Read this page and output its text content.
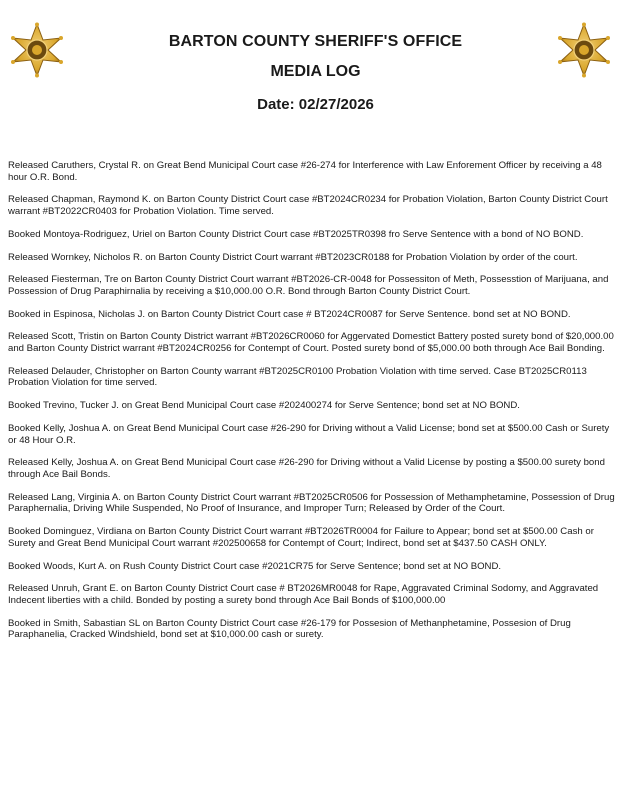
BARTON COUNTY SHERIFF'S OFFICE
MEDIA LOG
Date: 02/27/2026

Released Caruthers, Crystal R. on Great Bend Municipal Court case #26-274 for Interference with Law Enforement Officer by receiving a 48 hour O.R. Bond.

Released Chapman, Raymond K. on Barton County District Court case #BT2024CR0234 for Probation Violation, Barton County District Court warrant #BT2022CR0403 for Probation Violation. Time served.

Booked Montoya-Rodriguez, Uriel on Barton County District Court case #BT2025TR0398 fro Serve Sentence with a bond of NO BOND.

Released Wornkey, Nicholos R. on Barton County District Court warrant #BT2023CR0188 for Probation Violation by order of the court.

Released Fiesterman, Tre on Barton County District Court warrant #BT2026-CR-0048 for Possessiton of Meth, Possesstion of Marijuana, and Possession of Drug Paraphirnalia by receiving a $10,000.00 O.R. Bond through Barton County District Court.

Booked in Espinosa, Nicholas J. on Barton County District Court case # BT2024CR0087 for Serve Sentence. bond set at NO BOND.

Released Scott, Tristin on Barton County District warrant #BT2026CR0060 for Aggervated Domestict Battery posted surety bond of $20,000.00 and Barton County District warrant #BT2024CR0256 for Contempt of Court. Posted surety bond of $5,000.00 both through Ace Bail Bonding.

Released Delauder, Christopher on Barton County warrant #BT2025CR0100 Probation Violation with time served. Case BT2025CR0113 Probation Violation for time served.

Booked Trevino, Tucker J. on Great Bend Municipal Court case #202400274 for Serve Sentence; bond set at NO BOND.

Booked Kelly, Joshua A. on Great Bend Municipal Court case #26-290 for Driving without a Valid License; bond set at $500.00 Cash or Surety or 48 Hour O.R.

Released Kelly, Joshua A. on Great Bend Municipal Court case #26-290 for Driving without a Valid License by posting a $500.00 surety bond through Ace Bail Bonds.

Released Lang, Virginia A. on Barton County District Court warrant #BT2025CR0506 for Possession of Methamphetamine, Possession of Drug Paraphernalia, Driving While Suspended, No Proof of Insurance, and Improper Turn; Released by Order of the Court.

Booked Dominguez, Virdiana on Barton County District Court warrant #BT2026TR0004 for Failure to Appear; bond set at $500.00 Cash or Surety and Great Bend Municipal Court warrant #202500658 for Contempt of Court; Indirect, bond set at $437.50 CASH ONLY.

Booked Woods, Kurt A. on Rush County District Court case #2021CR75 for Serve Sentence; bond set at NO BOND.

Released Unruh, Grant E. on Barton County District Court case # BT2026MR0048 for Rape, Aggravated Criminal Sodomy, and Aggravated Indecent liberties with a child. Bonded by posting a surety bond through Ace Bail Bonds of $100,000.00

Booked in Smith, Sabastian SL on Barton County District Court case #26-179 for Possesion of Methanphetamine, Possesion of Drug Paraphanelia, Cracked Windshield, bond set at $10,000.00 cash or surety.
